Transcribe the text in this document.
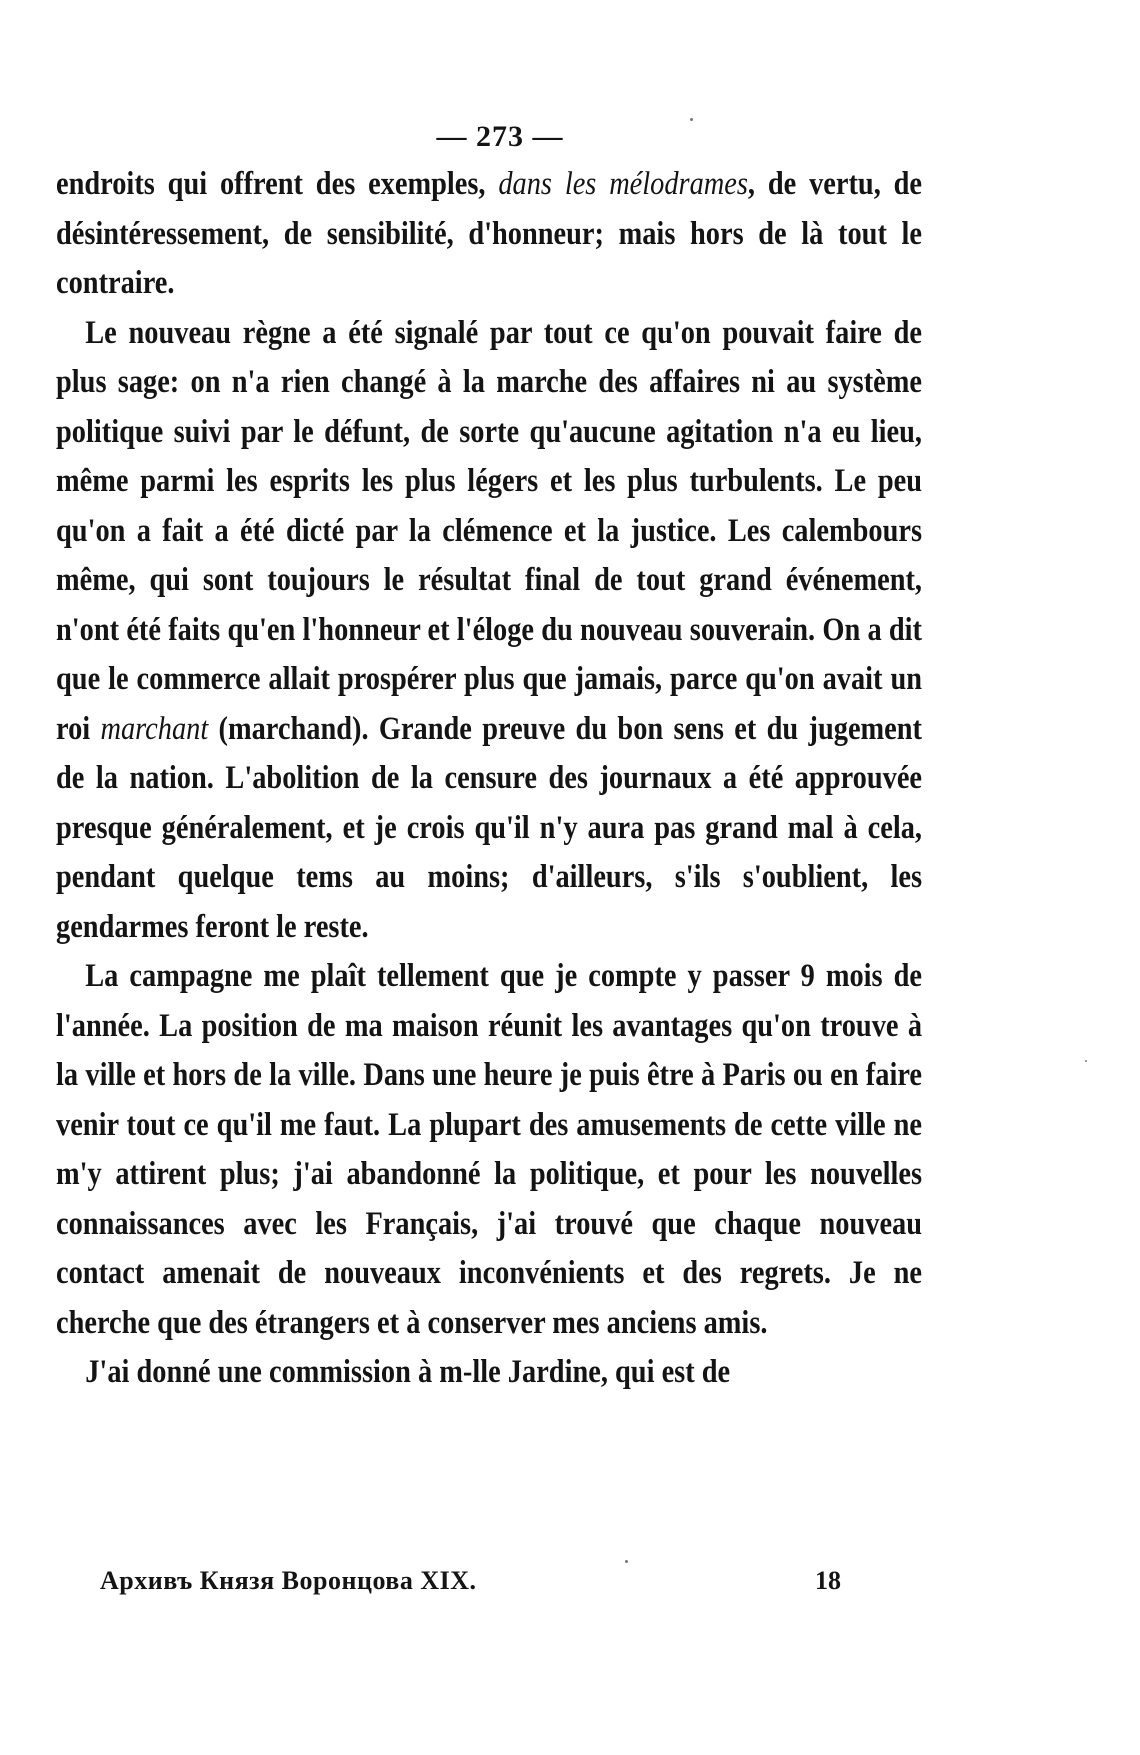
— 273 —

endroits qui offrent des exemples, dans les mélodrames, de vertu, de désintéressement, de sensibilité, d'honneur; mais hors de là tout le contraire.

Le nouveau règne a été signalé par tout ce qu'on pouvait faire de plus sage: on n'a rien changé à la marche des affaires ni au système politique suivi par le défunt, de sorte qu'aucune agitation n'a eu lieu, même parmi les esprits les plus légers et les plus turbulents. Le peu qu'on a fait a été dicté par la clémence et la justice. Les calembours même, qui sont toujours le résultat final de tout grand événement, n'ont été faits qu'en l'honneur et l'éloge du nouveau souverain. On a dit que le commerce allait prospérer plus que jamais, parce qu'on avait un roi marchant (marchand). Grande preuve du bon sens et du jugement de la nation. L'abolition de la censure des journaux a été approuvée presque généralement, et je crois qu'il n'y aura pas grand mal à cela, pendant quelque tems au moins; d'ailleurs, s'ils s'oublient, les gendarmes feront le reste.

La campagne me plaît tellement que je compte y passer 9 mois de l'année. La position de ma maison réunit les avantages qu'on trouve à la ville et hors de la ville. Dans une heure je puis être à Paris ou en faire venir tout ce qu'il me faut. La plupart des amusements de cette ville ne m'y attirent plus; j'ai abandonné la politique, et pour les nouvelles connaissances avec les Français, j'ai trouvé que chaque nouveau contact amenait de nouveaux inconvénients et des regrets. Je ne cherche que des étrangers et à conserver mes anciens amis.

J'ai donné une commission à m-lle Jardine, qui est de

Архивъ Князя Воронцова XIX.	18
